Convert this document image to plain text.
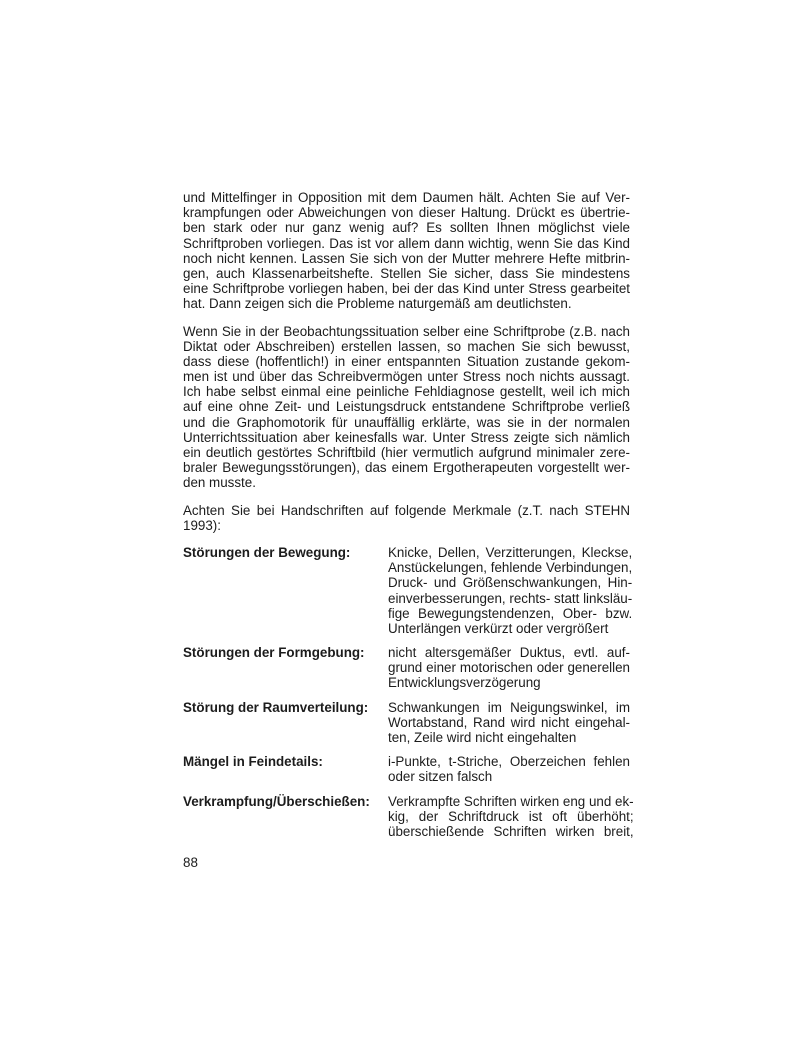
und Mittelfinger in Opposition mit dem Daumen hält. Achten Sie auf Ver-
krampfungen oder Abweichungen von dieser Haltung. Drückt es übertrie-
ben stark oder nur ganz wenig auf? Es sollten Ihnen möglichst viele
Schriftproben vorliegen. Das ist vor allem dann wichtig, wenn Sie das Kind
noch nicht kennen. Lassen Sie sich von der Mutter mehrere Hefte mitbrin-
gen, auch Klassenarbeitshefte. Stellen Sie sicher, dass Sie mindestens
eine Schriftprobe vorliegen haben, bei der das Kind unter Stress gearbeitet
hat. Dann zeigen sich die Probleme naturgemäß am deutlichsten.
Wenn Sie in der Beobachtungssituation selber eine Schriftprobe (z.B. nach
Diktat oder Abschreiben) erstellen lassen, so machen Sie sich bewusst,
dass diese (hoffentlich!) in einer entspannten Situation zustande gekom-
men ist und über das Schreibvermögen unter Stress noch nichts aussagt.
Ich habe selbst einmal eine peinliche Fehldiagnose gestellt, weil ich mich
auf eine ohne Zeit- und Leistungsdruck entstandene Schriftprobe verließ
und die Graphomotorik für unauffällig erklärte, was sie in der normalen
Unterrichtssituation aber keinesfalls war. Unter Stress zeigte sich nämlich
ein deutlich gestörtes Schriftbild (hier vermutlich aufgrund minimaler zere-
braler Bewegungsstörungen), das einem Ergotherapeuten vorgestellt wer-
den musste.
Achten Sie bei Handschriften auf folgende Merkmale (z.T. nach STEHN
1993):
Störungen der Bewegung:	Knicke, Dellen, Verzitterungen, Kleckse,
Anstückelungen, fehlende Verbindungen,
Druck- und Größenschwankungen, Hin-
einverbesserungen, rechts- statt linksläu-
fige Bewegungstendenzen, Ober- bzw.
Unterlängen verkürzt oder vergrößert
Störungen der Formgebung:	nicht altersgemäßer Duktus, evtl. auf-
grund einer motorischen oder generellen
Entwicklungsverzögerung
Störung der Raumverteilung:	Schwankungen im Neigungswinkel, im
Wortabstand, Rand wird nicht eingehal-
ten, Zeile wird nicht eingehalten
Mängel in Feindetails:	i-Punkte, t-Striche, Oberzeichen fehlen
oder sitzen falsch
Verkrampfung/Überschießen:	Verkrampfte Schriften wirken eng und ek-
kig, der Schriftdruck ist oft überhöht;
überschießende Schriften wirken breit,
88
